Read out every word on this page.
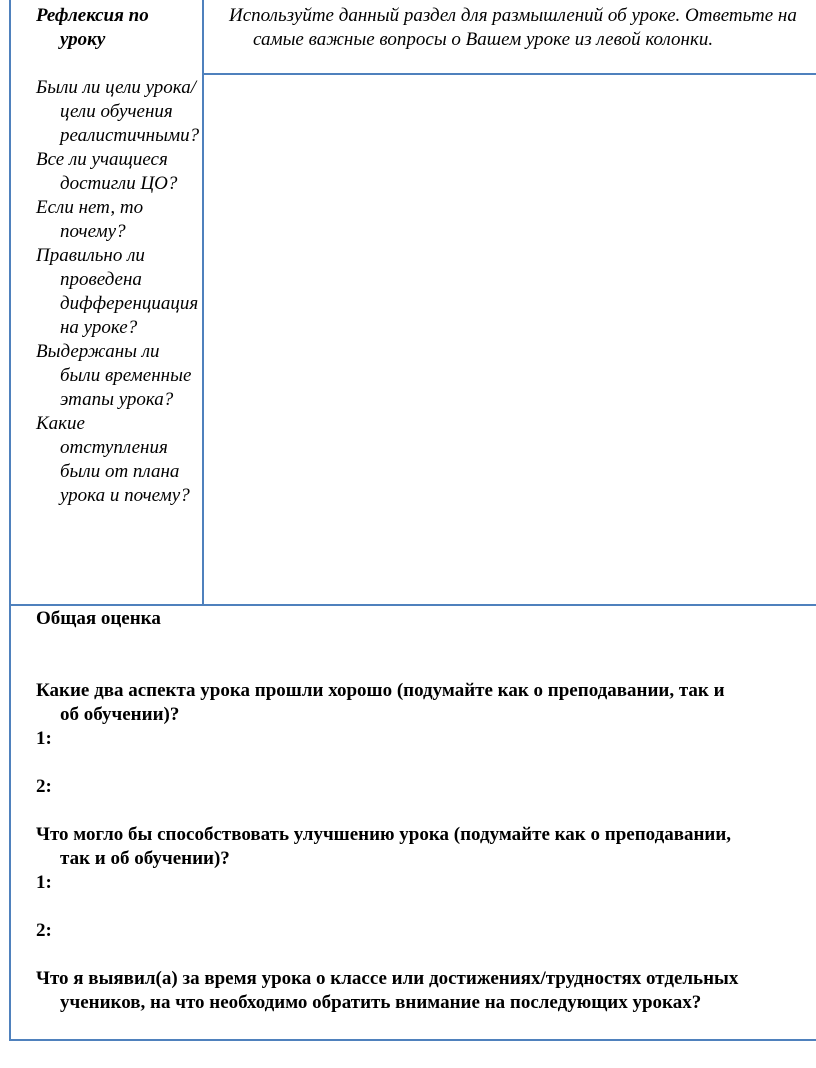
Рефлексия по уроку

Были ли цели урока/цели обучения реалистичными?

Все ли учащиеся достигли ЦО?

Если нет, то почему?

Правильно ли проведена дифференциация на уроке?

Выдержаны ли были временные этапы урока?

Какие отступления были от плана урока и почему?

Используйте данный раздел для размышлений об уроке. Ответьте на самые важные вопросы о Вашем уроке из левой колонки.

Общая оценка

Какие два аспекта урока прошли хорошо (подумайте как о преподавании, так и

об обучении)?

1:

2:

Что могло бы способствовать улучшению урока (подумайте как о преподавании,

так и об обучении)?

1:

2:

Что я выявил(а) за время урока о классе или достижениях/трудностях отдельных

учеников, на что необходимо обратить внимание на последующих уроках?
